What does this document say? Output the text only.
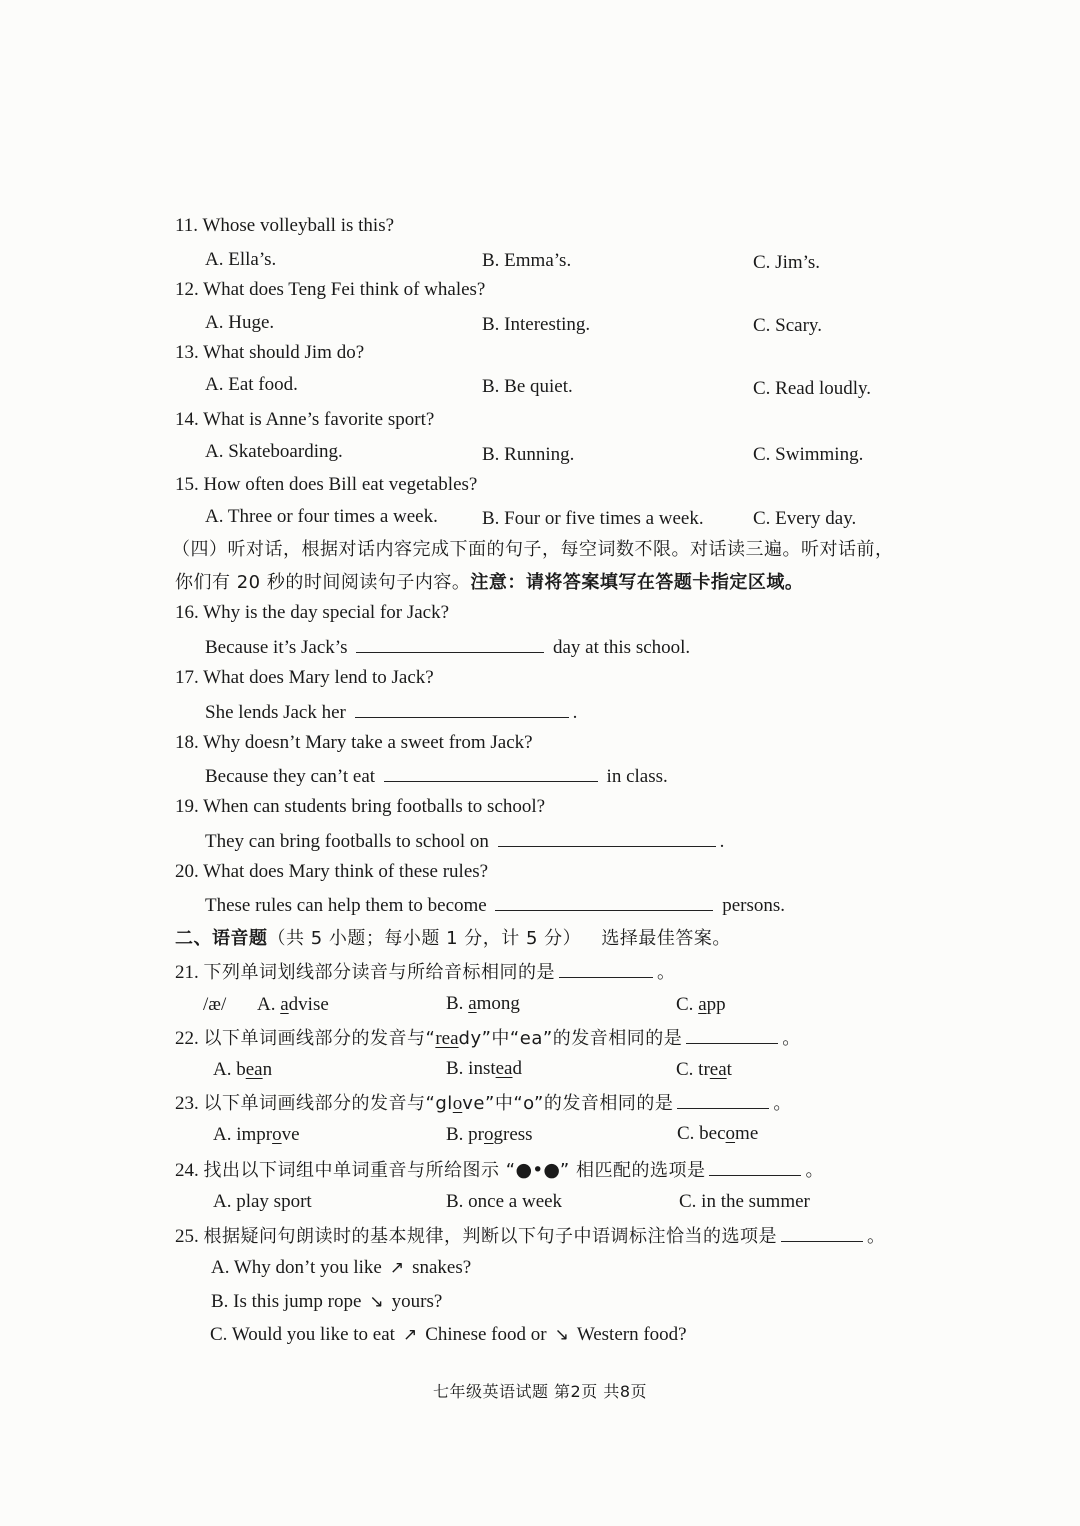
11. Whose volleyball is this?
A. Ella’s.	B. Emma’s.	C. Jim’s.
12. What does Teng Fei think of whales?
A. Huge.	B. Interesting.	C. Scary.
13. What should Jim do?
A. Eat food.	B. Be quiet.	C. Read loudly.
14. What is Anne’s favorite sport?
A. Skateboarding.	B. Running.	C. Swimming.
15. How often does Bill eat vegetables?
A. Three or four times a week. B. Four or five times a week.	C. Every day.
（四）听对话，根据对话内容完成下面的句子，每空词数不限。对话读三遍。听对话前，
你们有 20 秒的时间阅读句子内容。注意：请将答案填写在答题卡指定区域。
16. Why is the day special for Jack?
Because it’s Jack’s	day at this school.
17. What does Mary lend to Jack?
She lends Jack her	.
18. Why doesn’t Mary take a sweet from Jack?
Because they can’t eat	in class.
19. When can students bring footballs to school?
They can bring footballs to school on	.
20. What does Mary think of these rules?
These rules can help them to become	persons.
二、语音题（共 5 小题；每小题 1 分，计 5 分） 选择最佳答案。
21. 下列单词划线部分读音与所给音标相同的是	。
/æ/ A. advise	B. among	C. app
22. 以下单词画线部分的发音与“ready”中“ea”的发音相同的是	。
A. bean	B. instead	C. treat
23. 以下单词画线部分的发音与“glove”中“o”的发音相同的是	。
A. improve	B. progress	C. become
24. 找出以下词组中单词重音与所给图示 “●•●” 相匹配的选项是	。
A. play sport	B. once a week	C. in the summer
25. 根据疑问句朗读时的基本规律，判断以下句子中语调标注恰当的选项是	。
A. Why don’t you like ↗ snakes?
B. Is this jump rope ↘ yours?
C. Would you like to eat ↗ Chinese food or ↘ Western food?
七年级英语试题 第2页 共8页
